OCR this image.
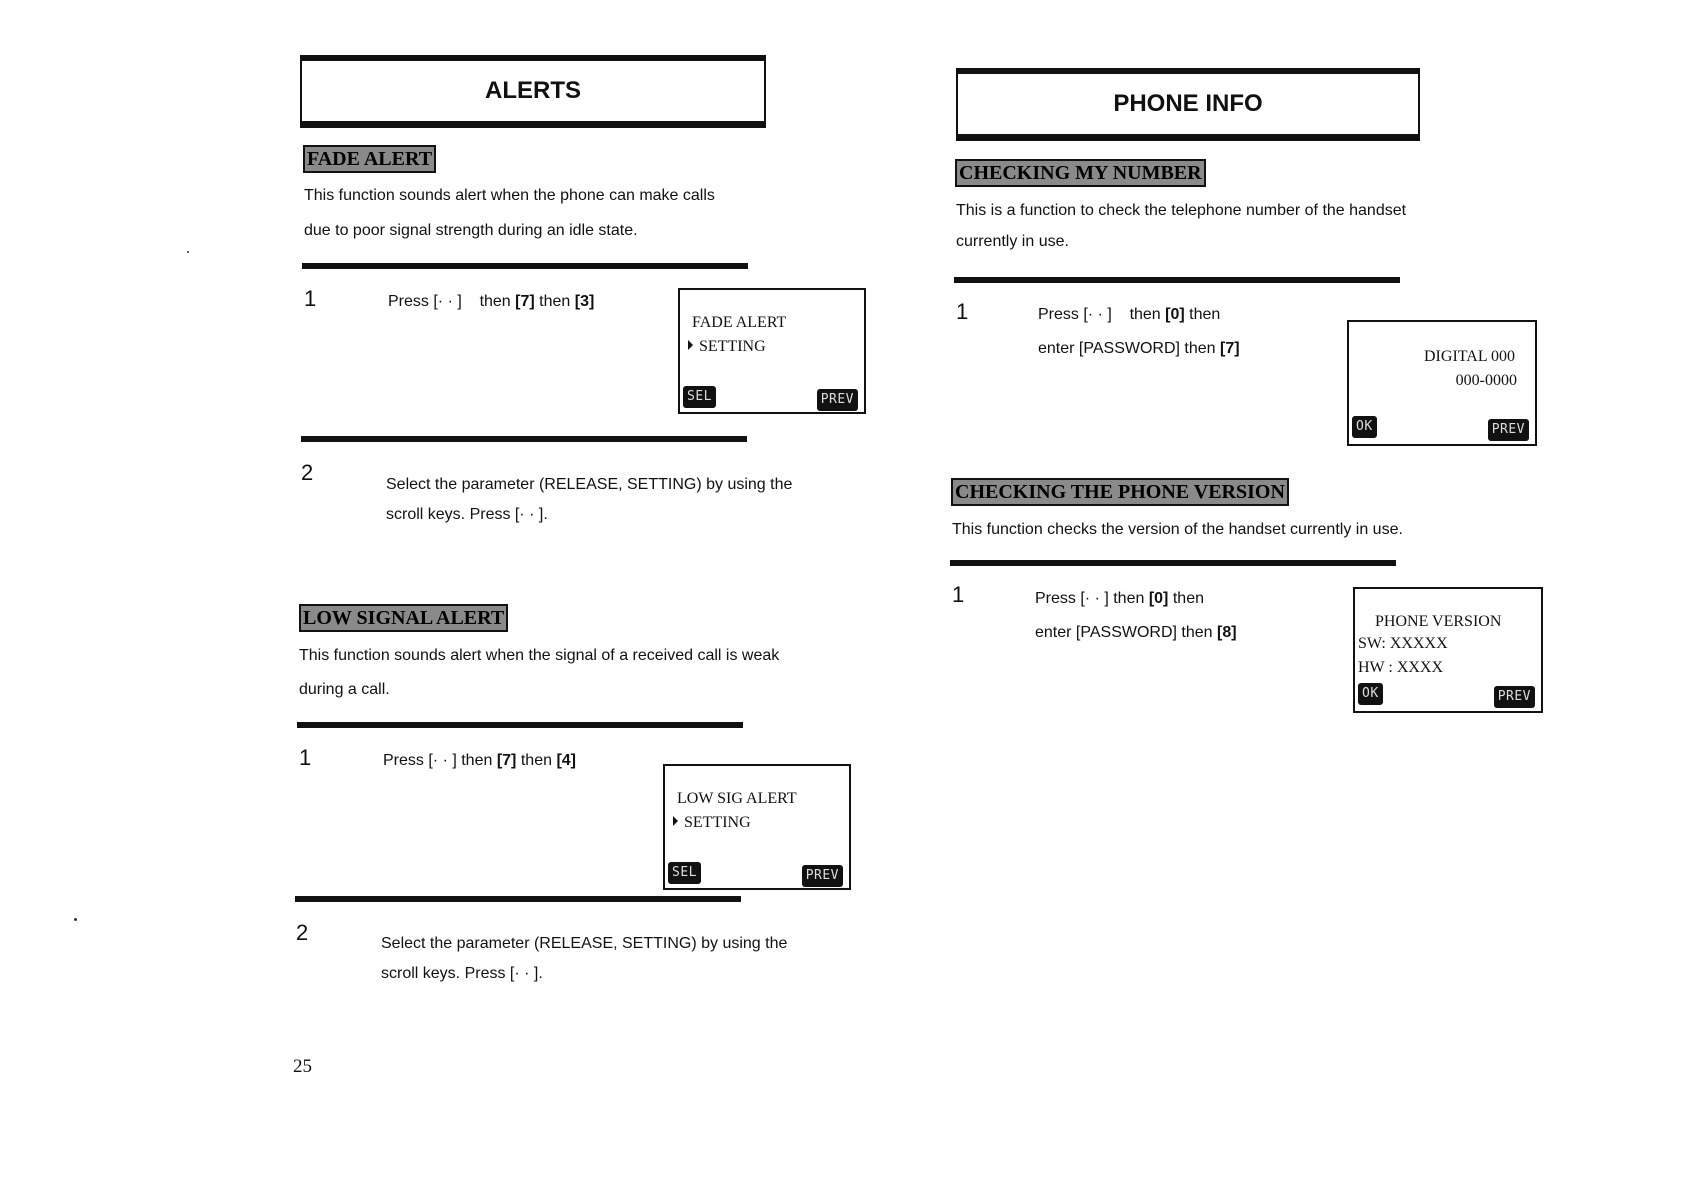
ALERTS
FADE ALERT
This function sounds alert when the phone can make calls
due to poor signal strength during an idle state.
1	Press [· · ] then [7] then [3]
FADE ALERT
SETTING
SEL	PREV
2	Select the parameter (RELEASE, SETTING) by using the
scroll keys. Press [· · ].
LOW SIGNAL ALERT
This function sounds alert when the signal of a received call is weak
during a call.
1	Press [· · ] then [7] then [4]
LOW SIG ALERT
SETTING
SEL	PREV
2	Select the parameter (RELEASE, SETTING) by using the
scroll keys. Press [· · ].
25
PHONE INFO
CHECKING MY NUMBER
This is a function to check the telephone number of the handset
currently in use.
1	Press [· · ] then [0] then
enter [PASSWORD] then [7]	DIGITAL 000
000-0000
OK	PREV
CHECKING THE PHONE VERSION
This function checks the version of the handset currently in use.
1	Press [· · ] then [0] then
enter [PASSWORD] then [8]
PHONE VERSION
SW: XXXXX
HW : XXXX
OK	PREV
